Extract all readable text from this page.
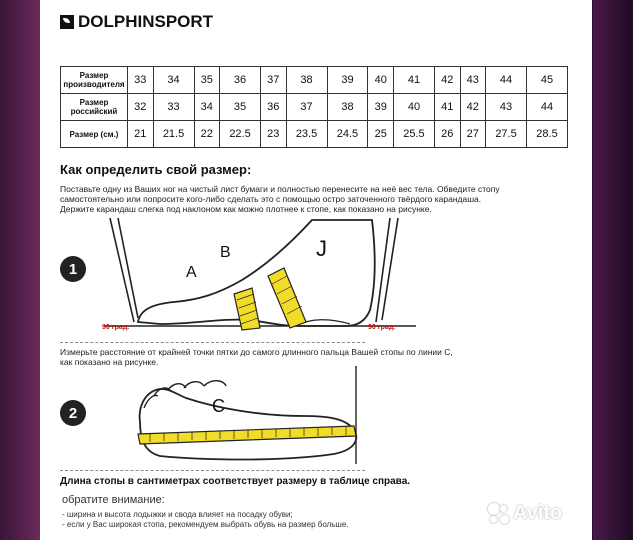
DOLPHINSPORT
Размер производителя	33	34	35	36	37	38	39	40	41	42	43	44	45
Размер российский	32	33	34	35	36	37	38	39	40	41	42	43	44
Размер (см.)	21	21.5	22	22.5	23	23.5	24.5	25	25.5	26	27	27.5	28.5
Как определить свой размер:
Поставьте одну из Ваших ног на чистый лист бумаги и полностью перенесите на неё вес тела. Обведите стопу
самостоятельно или попросите кого-либо сделать это с помощью остро заточенного твёрдого карандаша.
Держите карандаш слегка под наклоном как можно плотнее к стопе, как показано на рисунке.
1	A
B	J
90 град.	90 град.
Измерьте расстояние от крайней точки пятки до самого длинного пальца Вашей стопы по линии C,
как показано на рисунке.
2	C
Длина стопы в сантиметрах соответствует размеру в таблице справа.
обратите внимание:
- ширина и высота лодыжки и свода влияет на посадку обуви;
- если у Вас широкая стопа, рекомендуем выбрать обувь на размер больше.
Avito
